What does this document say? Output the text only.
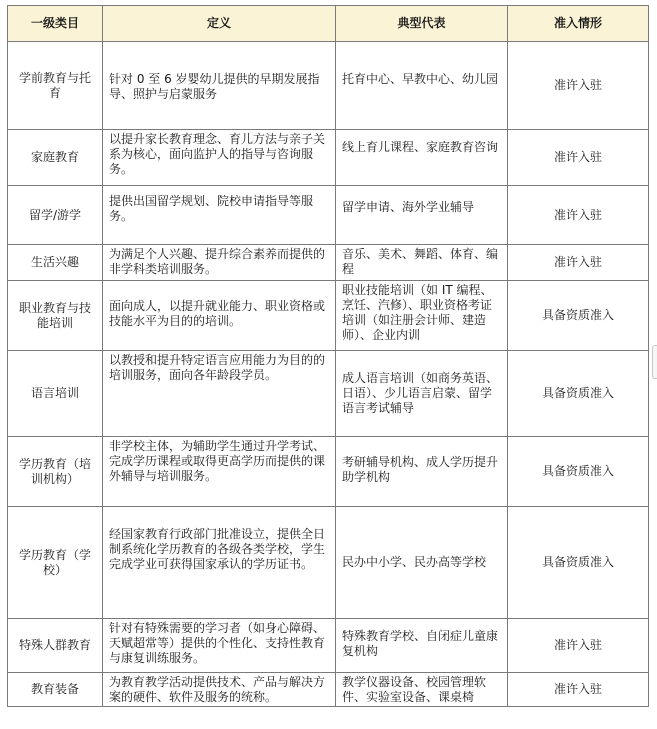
一级类目	定义	典型代表	准入情形
学前教育与托育	针对 0 至 6 岁婴幼儿提供的早期发展指导、照护与启蒙服务	托育中心、早教中心、幼儿园	准许入驻
家庭教育	以提升家长教育理念、育儿方法与亲子关系为核心，面向监护人的指导与咨询服务。	线上育儿课程、家庭教育咨询	准许入驻
留学/游学	提供出国留学规划、院校申请指导等服务。	留学申请、海外学业辅导	准许入驻
生活兴趣	为满足个人兴趣、提升综合素养而提供的非学科类培训服务。	音乐、美术、舞蹈、体育、编程	准许入驻
职业教育与技能培训	面向成人，以提升就业能力、职业资格或技能水平为目的的培训。	职业技能培训（如 IT 编程、烹饪、汽修）、职业资格考证培训（如注册会计师、建造师）、企业内训	具备资质准入
语言培训	以教授和提升特定语言应用能力为目的的培训服务，面向各年龄段学员。	成人语言培训（如商务英语、日语）、少儿语言启蒙、留学语言考试辅导	具备资质准入
学历教育（培训机构）	非学校主体，为辅助学生通过升学考试、完成学历课程或取得更高学历而提供的课外辅导与培训服务。	考研辅导机构、成人学历提升助学机构	具备资质准入
学历教育（学校）	经国家教育行政部门批准设立，提供全日制系统化学历教育的各级各类学校，学生完成学业可获得国家承认的学历证书。	民办中小学、民办高等学校	具备资质准入
特殊人群教育	针对有特殊需要的学习者（如身心障碍、天赋超常等）提供的个性化、支持性教育与康复训练服务。	特殊教育学校、自闭症儿童康复机构	准许入驻
教育装备	为教育教学活动提供技术、产品与解决方案的硬件、软件及服务的统称。	教学仪器设备、校园管理软件、实验室设备、课桌椅	准许入驻
